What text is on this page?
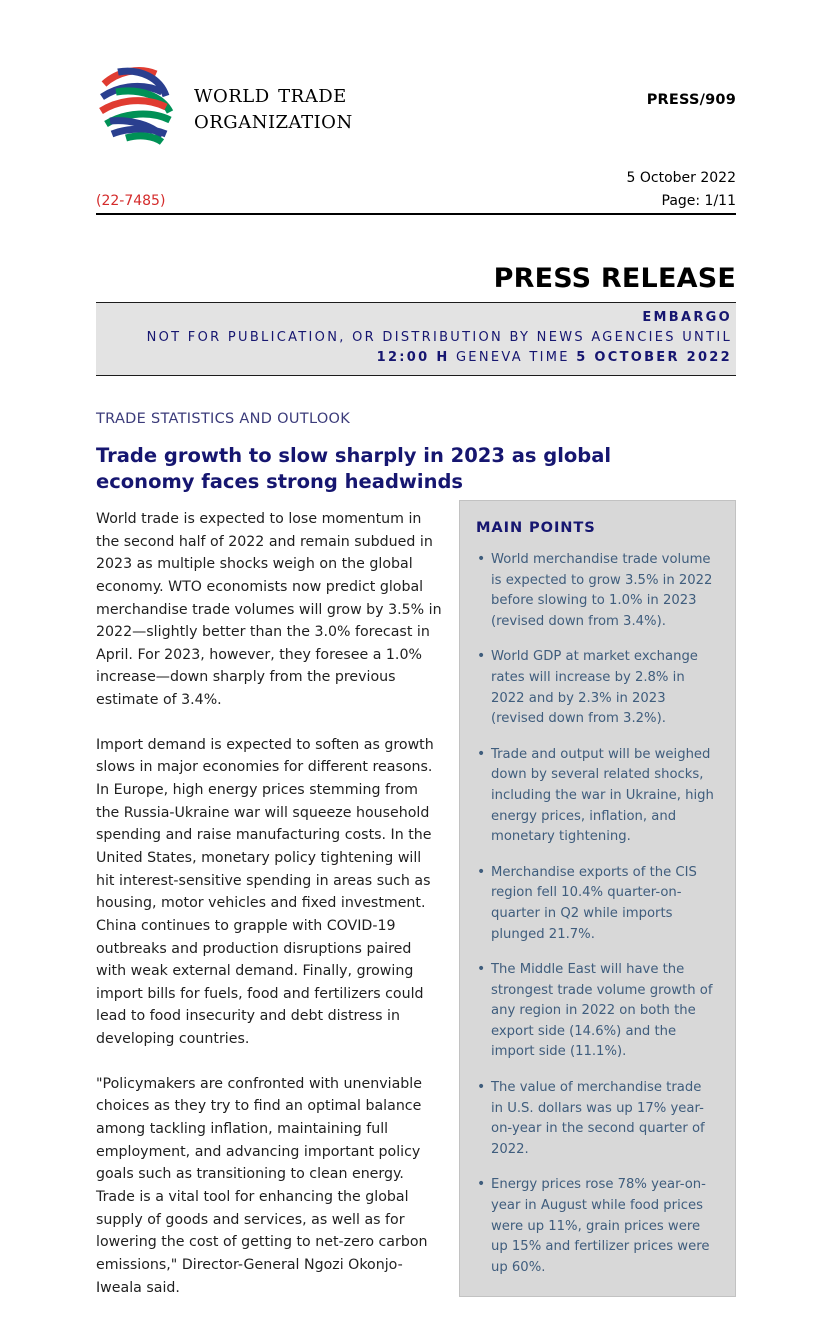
world trade
organization
PRESS/909
5 October 2022
(22-7485)	Page: 1/11
PRESS RELEASE
EMBARGO
NOT FOR PUBLICATION, OR DISTRIBUTION BY NEWS AGENCIES UNTIL
12:00 H GENEVA TIME 5 OCTOBER 2022
TRADE STATISTICS AND OUTLOOK
Trade growth to slow sharply in 2023 as global economy faces strong headwinds

World trade is expected to lose momentum in the second half of 2022 and remain subdued in 2023 as multiple shocks weigh on the global economy. WTO economists now predict global merchandise trade volumes will grow by 3.5% in 2022—slightly better than the 3.0% forecast in April. For 2023, however, they foresee a 1.0% increase—down sharply from the previous estimate of 3.4%.

Import demand is expected to soften as growth slows in major economies for different reasons. In Europe, high energy prices stemming from the Russia-Ukraine war will squeeze household spending and raise manufacturing costs. In the United States, monetary policy tightening will hit interest-sensitive spending in areas such as housing, motor vehicles and fixed investment. China continues to grapple with COVID-19 outbreaks and production disruptions paired with weak external demand. Finally, growing import bills for fuels, food and fertilizers could lead to food insecurity and debt distress in developing countries.

"Policymakers are confronted with unenviable choices as they try to find an optimal balance among tackling inflation, maintaining full employment, and advancing important policy goals such as transitioning to clean energy. Trade is a vital tool for enhancing the global supply of goods and services, as well as for lowering the cost of getting to net-zero carbon emissions," Director-General Ngozi Okonjo-Iweala said.

MAIN POINTS
• World merchandise trade volume is expected to grow 3.5% in 2022 before slowing to 1.0% in 2023 (revised down from 3.4%).
• World GDP at market exchange rates will increase by 2.8% in 2022 and by 2.3% in 2023 (revised down from 3.2%).
• Trade and output will be weighed down by several related shocks, including the war in Ukraine, high energy prices, inflation, and monetary tightening.
• Merchandise exports of the CIS region fell 10.4% quarter-on-quarter in Q2 while imports plunged 21.7%.
• The Middle East will have the strongest trade volume growth of any region in 2022 on both the export side (14.6%) and the import side (11.1%).
• The value of merchandise trade in U.S. dollars was up 17% year-on-year in the second quarter of 2022.
• Energy prices rose 78% year-on-year in August while food prices were up 11%, grain prices were up 15% and fertilizer prices were up 60%.
